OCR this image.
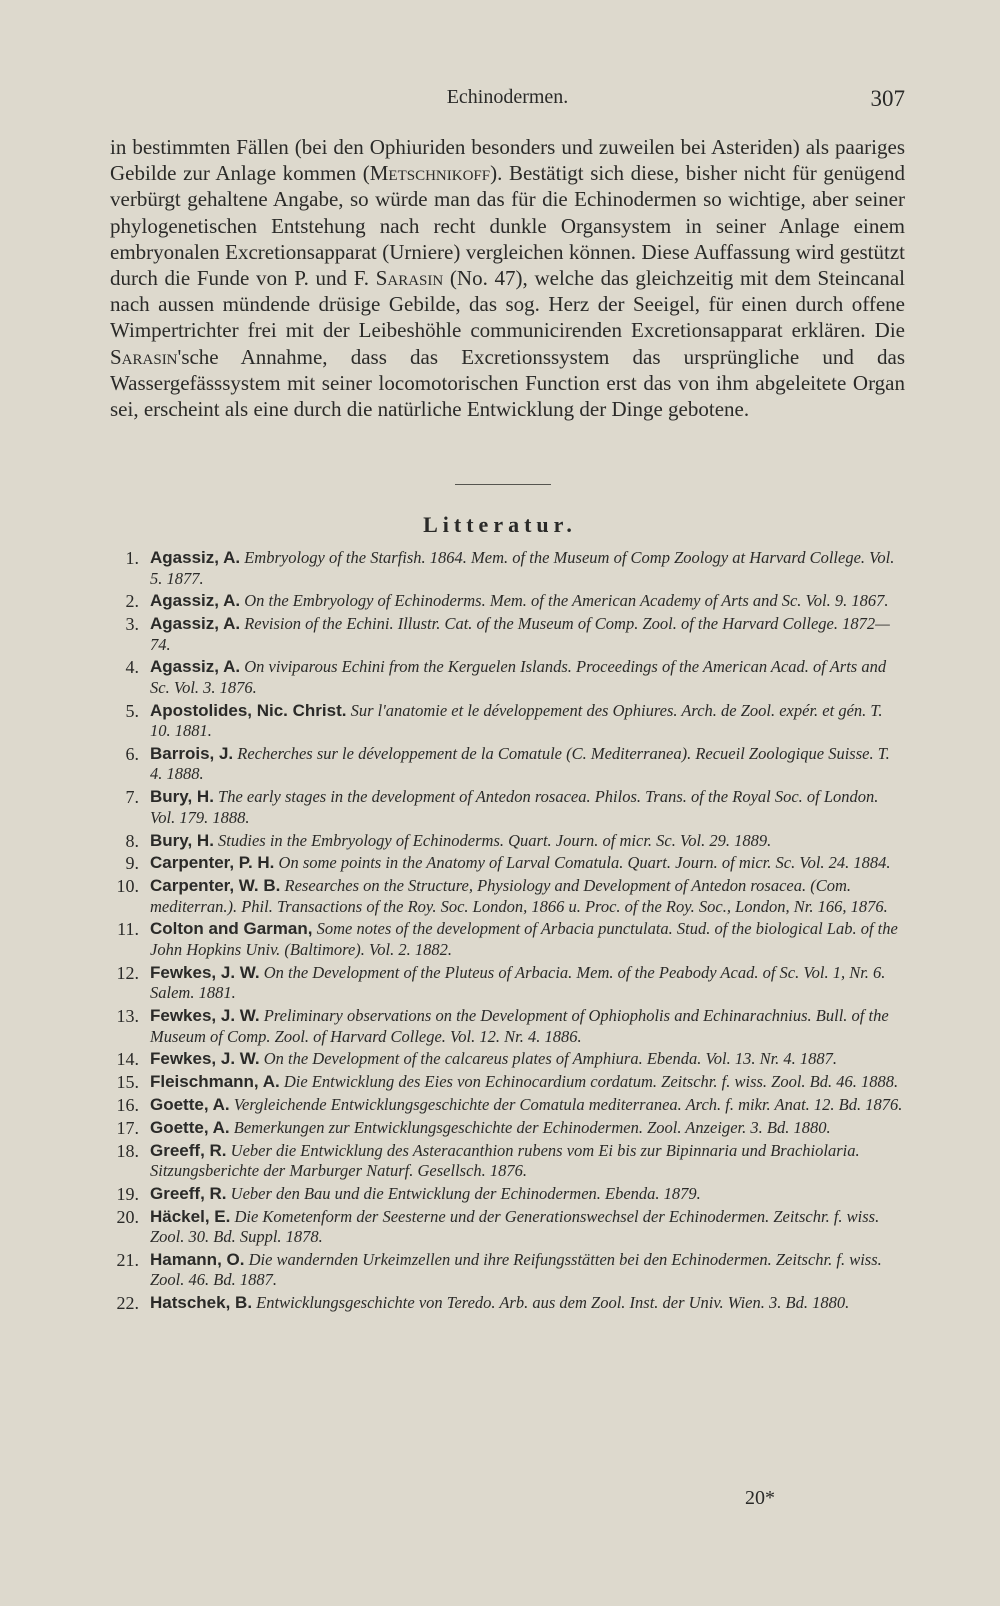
Echinodermen.	307
in bestimmten Fällen (bei den Ophiuriden besonders und zuweilen bei Asteriden) als paariges Gebilde zur Anlage kommen (Metschnikoff). Bestätigt sich diese, bisher nicht für genügend verbürgt gehaltene Angabe, so würde man das für die Echinodermen so wichtige, aber seiner phylogenetischen Entstehung nach recht dunkle Organsystem in seiner Anlage einem embryonalen Excretionsapparat (Urniere) vergleichen können. Diese Auffassung wird gestützt durch die Funde von P. und F. Sarasin (No. 47), welche das gleichzeitig mit dem Steincanal nach aussen mündende drüsige Gebilde, das sog. Herz der Seeigel, für einen durch offene Wimpertrichter frei mit der Leibeshöhle communicirenden Excretionsapparat erklären. Die Sarasin'sche Annahme, dass das Excretionssystem das ursprüngliche und das Wassergefässsystem mit seiner locomotorischen Function erst das von ihm abgeleitete Organ sei, erscheint als eine durch die natürliche Entwicklung der Dinge gebotene.
Litteratur.
1. Agassiz, A. Embryology of the Starfish. 1864. Mem. of the Museum of Comp Zoology at Harvard College. Vol. 5. 1877.
2. Agassiz, A. On the Embryology of Echinoderms. Mem. of the American Academy of Arts and Sc. Vol. 9. 1867.
3. Agassiz, A. Revision of the Echini. Illustr. Cat. of the Museum of Comp. Zool. of the Harvard College. 1872—74.
4. Agassiz, A. On viviparous Echini from the Kerguelen Islands. Proceedings of the American Acad. of Arts and Sc. Vol. 3. 1876.
5. Apostolides, Nic. Christ. Sur l'anatomie et le développement des Ophiures. Arch. de Zool. expér. et gén. T. 10. 1881.
6. Barrois, J. Recherches sur le développement de la Comatule (C. Mediterranea). Recueil Zoologique Suisse. T. 4. 1888.
7. Bury, H. The early stages in the development of Antedon rosacea. Philos. Trans. of the Royal Soc. of London. Vol. 179. 1888.
8. Bury, H. Studies in the Embryology of Echinoderms. Quart. Journ. of micr. Sc. Vol. 29. 1889.
9. Carpenter, P. H. On some points in the Anatomy of Larval Comatula. Quart. Journ. of micr. Sc. Vol. 24. 1884.
10. Carpenter, W. B. Researches on the Structure, Physiology and Development of Antedon rosacea. (Com. mediterran.). Phil. Transactions of the Roy. Soc. London, 1866 u. Proc. of the Roy. Soc., London, Nr. 166, 1876.
11. Colton and Garman, Some notes of the development of Arbacia punctulata. Stud. of the biological Lab. of the John Hopkins Univ. (Baltimore). Vol. 2. 1882.
12. Fewkes, J. W. On the Development of the Pluteus of Arbacia. Mem. of the Peabody Acad. of Sc. Vol. 1, Nr. 6. Salem. 1881.
13. Fewkes, J. W. Preliminary observations on the Development of Ophiopholis and Echinarachnius. Bull. of the Museum of Comp. Zool. of Harvard College. Vol. 12. Nr. 4. 1886.
14. Fewkes, J. W. On the Development of the calcareus plates of Amphiura. Ebenda. Vol. 13. Nr. 4. 1887.
15. Fleischmann, A. Die Entwicklung des Eies von Echinocardium cordatum. Zeitschr. f. wiss. Zool. Bd. 46. 1888.
16. Goette, A. Vergleichende Entwicklungsgeschichte der Comatula mediterranea. Arch. f. mikr. Anat. 12. Bd. 1876.
17. Goette, A. Bemerkungen zur Entwicklungsgeschichte der Echinodermen. Zool. Anzeiger. 3. Bd. 1880.
18. Greeff, R. Ueber die Entwicklung des Asteracanthion rubens vom Ei bis zur Bipinnaria und Brachiolaria. Sitzungsberichte der Marburger Naturf. Gesellsch. 1876.
19. Greeff, R. Ueber den Bau und die Entwicklung der Echinodermen. Ebenda. 1879.
20. Häckel, E. Die Kometenform der Seesterne und der Generationswechsel der Echinodermen. Zeitschr. f. wiss. Zool. 30. Bd. Suppl. 1878.
21. Hamann, O. Die wandernden Urkeimzellen und ihre Reifungsstätten bei den Echinodermen. Zeitschr. f. wiss. Zool. 46. Bd. 1887.
22. Hatschek, B. Entwicklungsgeschichte von Teredo. Arb. aus dem Zool. Inst. der Univ. Wien. 3. Bd. 1880.
20*
